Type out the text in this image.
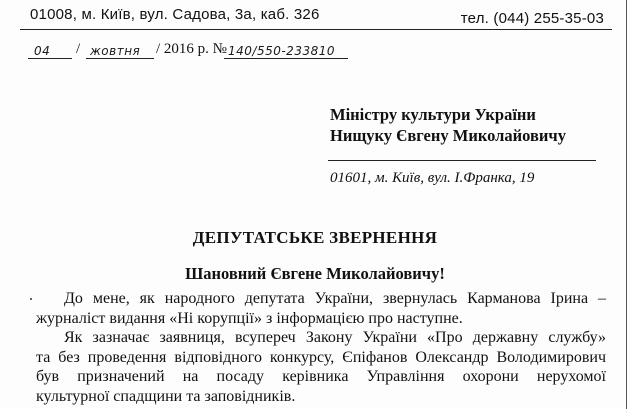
01008, м. Київ, вул. Садова, 3а, каб. 326	тел. (044) 255-35-03
04 / жовтня / 2016 р. № 140/550-233810
Міністру культури України
Нищуку Євгену Миколайовичу
01601, м. Київ, вул. І.Франка, 19
ДЕПУТАТСЬКЕ ЗВЕРНЕННЯ
Шановний Євгене Миколайовичу!
До мене, як народного депутата України, звернулась Карманова Ірина –
журналіст видання «Ні корупції» з інформацією про наступне.
Як зазначає заявниця, всупереч Закону України «Про державну службу»
та без проведення відповідного конкурсу, Єпіфанов Олександр Володимирович
був призначений на посаду керівника Управління охорони нерухомої
культурної спадщини та заповідників.
